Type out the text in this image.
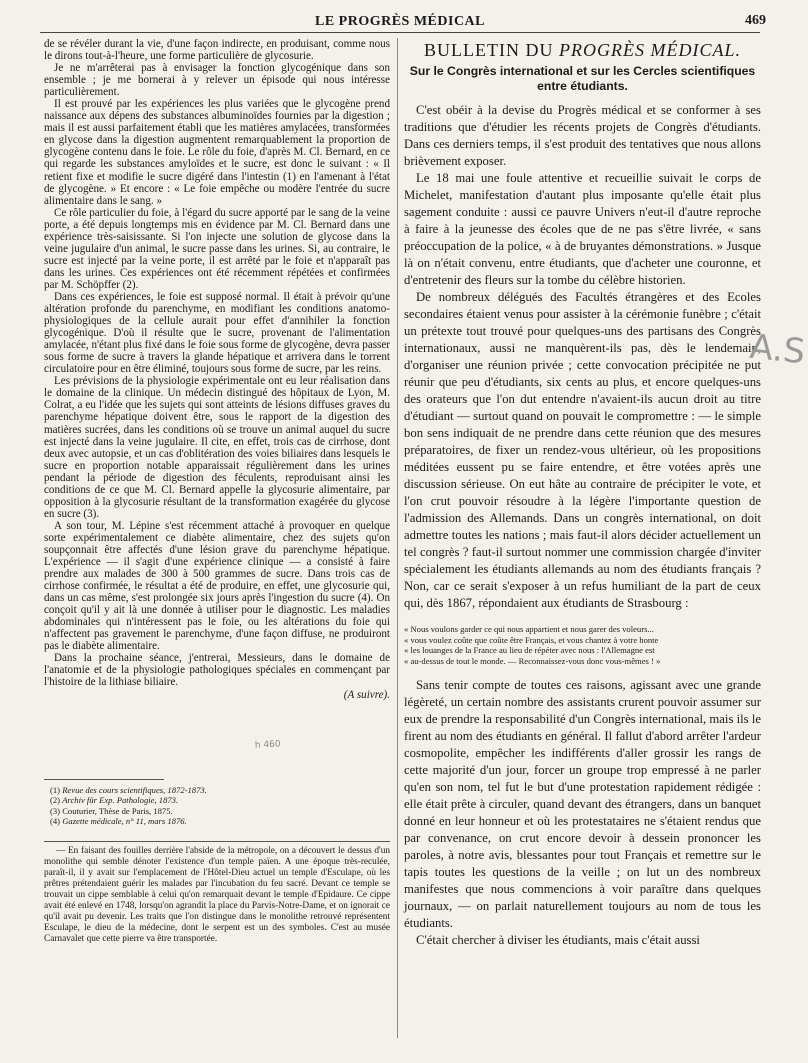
LE PROGRÈS MÉDICAL	469

de se révéler durant la vie, d'une façon indirecte, en produisant, comme nous le dirons tout-à-l'heure, une forme particulière de glycosurie.

Je ne m'arrêterai pas à envisager la fonction glycogénique dans son ensemble ; je me bornerai à y relever un épisode qui nous intéresse particulièrement.

Il est prouvé par les expériences les plus variées que le glycogène prend naissance aux dépens des substances albuminoïdes fournies par la digestion ; mais il est aussi parfaitement établi que les matières amylacées, transformées en glycose dans la digestion augmentent remarquablement la proportion de glycogène contenu dans le foie. Le rôle du foie, d'après M. Cl. Bernard, en ce qui regarde les substances amyloïdes et le sucre, est donc le suivant : « Il retient fixe et modifie le sucre digéré dans l'intestin (1) en l'amenant à l'état de glycogène. » Et encore : « Le foie empêche ou modère l'entrée du sucre alimentaire dans le sang. »

Ce rôle particulier du foie, à l'égard du sucre apporté par le sang de la veine porte, a été depuis longtemps mis en évidence par M. Cl. Bernard dans une expérience très-saisissante. Si l'on injecte une solution de glycose dans la veine jugulaire d'un animal, le sucre passe dans les urines. Si, au contraire, le sucre est injecté par la veine porte, il est arrêté par le foie et n'apparaît pas dans les urines. Ces expériences ont été récemment répétées et confirmées par M. Schöpffer (2).

Dans ces expériences, le foie est supposé normal. Il était à prévoir qu'une altération profonde du parenchyme, en modifiant les conditions anatomo-physiologiques de la cellule aurait pour effet d'annihiler la fonction glycogénique. D'où il résulte que le sucre, provenant de l'alimentation amylacée, n'étant plus fixé dans le foie sous forme de glycogène, devra passer sous forme de sucre à travers la glande hépatique et arrivera dans le torrent circulatoire pour en être éliminé, toujours sous forme de sucre, par les reins.

Les prévisions de la physiologie expérimentale ont eu leur réalisation dans le domaine de la clinique. Un médecin distingué des hôpitaux de Lyon, M. Colrat, a eu l'idée que les sujets qui sont atteints de lésions diffuses graves du parenchyme hépatique doivent être, sous le rapport de la digestion des matières sucrées, dans les conditions où se trouve un animal auquel du sucre est injecté dans la veine jugulaire. Il cite, en effet, trois cas de cirrhose, dont deux avec autopsie, et un cas d'oblitération des voies biliaires dans lesquels le sucre en proportion notable apparaissait régulièrement dans les urines pendant la période de digestion des féculents, reproduisant ainsi les conditions de ce que M. Cl. Bernard appelle la glycosurie alimentaire, par opposition à la glycosurie résultant de la transformation exagérée du glycose en sucre (3).

A son tour, M. Lépine s'est récemment attaché à provoquer en quelque sorte expérimentalement ce diabète alimentaire, chez des sujets qu'on soupçonnait être affectés d'une lésion grave du parenchyme hépatique. L'expérience — il s'agit d'une expérience clinique — a consisté à faire prendre aux malades de 300 à 500 grammes de sucre. Dans trois cas de cirrhose confirmée, le résultat a été de produire, en effet, une glycosurie qui, dans un cas même, s'est prolongée six jours après l'ingestion du sucre (4). On conçoit qu'il y ait là une donnée à utiliser pour le diagnostic. Les maladies abdominales qui n'intéressent pas le foie, ou les altérations du foie qui n'affectent pas gravement le parenchyme, d'une façon diffuse, ne produiront pas le diabète alimentaire.

Dans la prochaine séance, j'entrerai, Messieurs, dans le domaine de l'anatomie et de la physiologie pathologiques spéciales en commençant par l'histoire de la lithiase biliaire.

(A suivre).

h 460
(1) Revue des cours scientifiques, 1872-1873.
(2) Archiv für Exp. Pathologie, 1873.
(3) Couturier, Thèse de Paris, 1875.
(4) Gazette médicale, n° 11, mars 1876.

— En faisant des fouilles derrière l'abside de la métropole, on a découvert le dessus d'un monolithe qui semble dénoter l'existence d'un temple païen. A une époque très-reculée, paraît-il, il y avait sur l'emplacement de l'Hôtel-Dieu actuel un temple d'Esculape, où les prêtres prétendaient guérir les malades par l'incubation du feu sacré. Devant ce temple se trouvait un cippe semblable à celui qu'on remarquait devant le temple d'Epidaure. Ce cippe avait été enlevé en 1748, lorsqu'on agrandit la place du Parvis-Notre-Dame, et on ignorait ce qu'il avait pu devenir. Les traits que l'on distingue dans le monolithe retrouvé représentent Esculape, le dieu de la médecine, dont le serpent est un des symboles. C'est au musée Carnavalet que cette pierre va être transportée.

BULLETIN DU PROGRÈS MÉDICAL.
Sur le Congrès international et sur les Cercles scientifiques entre étudiants.

C'est obéir à la devise du Progrès médical et se conformer à ses traditions que d'étudier les récents projets de Congrès d'étudiants. Dans ces derniers temps, il s'est produit des tentatives que nous allons brièvement exposer.

Le 18 mai une foule attentive et recueillie suivait le corps de Michelet, manifestation d'autant plus imposante qu'elle était plus sagement conduite : aussi ce pauvre Univers n'eut-il d'autre reproche à faire à la jeunesse des écoles que de ne pas s'être livrée, « sans préoccupation de la police, « à de bruyantes démonstrations. » Jusque là on n'était convenu, entre étudiants, que d'acheter une couronne, et d'entretenir des fleurs sur la tombe du célèbre historien.

De nombreux délégués des Facultés étrangères et des Ecoles secondaires étaient venus pour assister à la cérémonie funèbre ; c'était un prétexte tout trouvé pour quelques-uns des partisans des Congrès internationaux, aussi ne manquèrent-ils pas, dès le lendemain, d'organiser une réunion privée ; cette convocation précipitée ne put réunir que peu d'étudiants, six cents au plus, et encore quelques-uns des orateurs que l'on dut entendre n'avaient-ils aucun droit au titre d'étudiant — surtout quand on pouvait le compromettre : — le simple bon sens indiquait de ne prendre dans cette réunion que des mesures préparatoires, de fixer un rendez-vous ultérieur, où les propositions méditées eussent pu se faire entendre, et être votées après une discussion sérieuse. On eut hâte au contraire de précipiter le vote, et l'on crut pouvoir résoudre à la légère l'importante question de l'admission des Allemands. Dans un congrès international, on doit admettre toutes les nations ; mais faut-il alors décider actuellement un tel congrès ? faut-il surtout nommer une commission chargée d'inviter spécialement les étudiants allemands au nom des étudiants français ? Non, car ce serait s'exposer à un refus humiliant de la part de ceux qui, dès 1867, répondaient aux étudiants de Strasbourg :

« Nous voulons garder ce qui nous appartient et nous garer des voleurs...
« vous voulez coûte que coûte être Français, et vous chantez à votre honte
« les louanges de la France au lieu de répéter avec nous : l'Allemagne est
« au-dessus de tout le monde. — Reconnaissez-vous donc vous-mêmes ! »

Sans tenir compte de toutes ces raisons, agissant avec une grande légèreté, un certain nombre des assistants crurent pouvoir assumer sur eux de prendre la responsabilité d'un Congrès international, mais ils le firent au nom des étudiants en général. Il fallut d'abord arrêter l'ardeur cosmopolite, empêcher les indifférents d'aller grossir les rangs de cette majorité d'un jour, forcer un groupe trop empressé à ne parler qu'en son nom, tel fut le but d'une protestation rapidement rédigée : elle était prête à circuler, quand devant des étrangers, dans un banquet donné en leur honneur et où les protestataires ne s'étaient rendus que par convenance, on crut encore devoir à dessein prononcer les paroles, à notre avis, blessantes pour tout Français et remettre sur le tapis toutes les questions de la veille ; on lut un des nombreux manifestes que nous commencions à voir paraître dans quelques journaux, — on parlait naturellement toujours au nom de tous les étudiants.

C'était chercher à diviser les étudiants, mais c'était aussi

A.S
